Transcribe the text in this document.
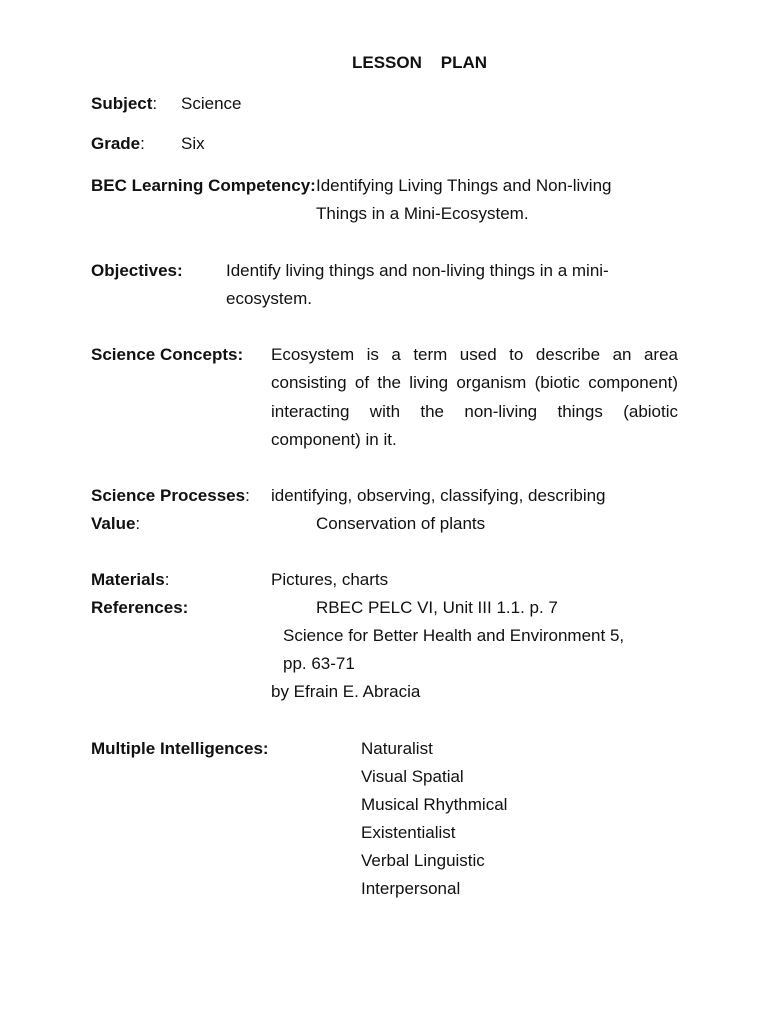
LESSON    PLAN
Subject: Science
Grade: Six
BEC Learning Competency: Identifying Living Things and Non-living
Things in a Mini-Ecosystem.
Objectives:	Identify living things and non-living things in a mini-
ecosystem.
Science Concepts: Ecosystem is a term used to describe an area consisting of the living organism (biotic component) interacting with the non-living things (abiotic component) in it.
Science Processes: identifying, observing, classifying, describing
Value:	Conservation of plants
Materials:	Pictures, charts
References:	RBEC PELC VI, Unit III 1.1. p. 7
Science for Better Health and Environment 5,
pp. 63-71
by Efrain E. Abracia
Multiple Intelligences:	Naturalist
Visual Spatial
Musical Rhythmical
Existentialist
Verbal Linguistic
Interpersonal
